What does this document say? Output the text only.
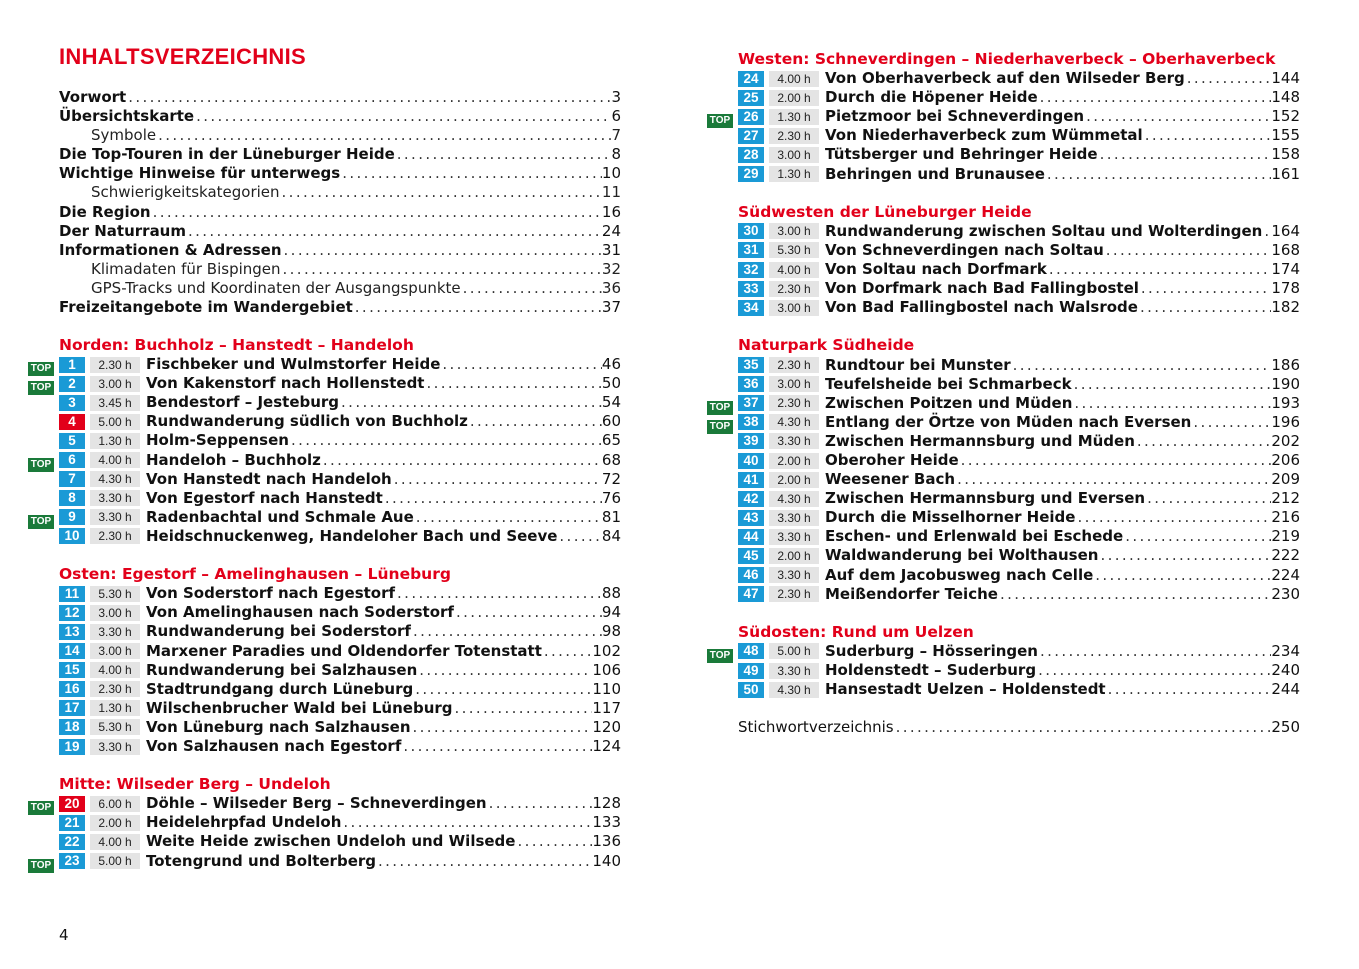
INHALTSVERZEICHNIS
Vorwort . . .	3
Übersichtskarte . . .	6
Symbole . . .	7
Die Top-Touren in der Lüneburger Heide . . .	8
Wichtige Hinweise für unterwegs . . .	10
Schwierigkeitskategorien . . .	11
Die Region . . .	16
Der Naturraum . . .	24
Informationen & Adressen . . .	31
Klimadaten für Bispingen . . .	32
GPS-Tracks und Koordinaten der Ausgangspunkte . . .	36
Freizeitangebote im Wandergebiet . . .	37
Norden: Buchholz – Hanstedt – Handeloh
TOP	1	2.30 h Fischbeker und Wulmstorfer Heide . . .	46
TOP	2	3.00 h Von Kakenstorf nach Hollenstedt . . .	50
3	3.45 h Bendestorf – Jesteburg . . .	54
4	5.00 h Rundwanderung südlich von Buchholz . . .	60
5	1.30 h Holm-Seppensen . . .	65
TOP	6	4.00 h Handeloh – Buchholz . . .	68
7	4.30 h Von Hanstedt nach Handeloh . . .	72
8	3.30 h Von Egestorf nach Hanstedt . . .	76
TOP	9	3.30 h Radenbachtal und Schmale Aue . . .	81
10	2.30 h Heidschnuckenweg, Handeloher Bach und Seeve . . .	84
Osten: Egestorf – Amelinghausen – Lüneburg
11	5.30 h Von Soderstorf nach Egestorf . . .	88
12	3.00 h Von Amelinghausen nach Soderstorf . . .	94
13	3.30 h Rundwanderung bei Soderstorf . . .	98
14	3.00 h Marxener Paradies und Oldendorfer Totenstatt . . .	102
15	4.00 h Rundwanderung bei Salzhausen . . .	106
16	2.30 h Stadtrundgang durch Lüneburg . . .	110
17	1.30 h Wilschenbrucher Wald bei Lüneburg . . .	117
18	5.30 h Von Lüneburg nach Salzhausen . . .	120
19	3.30 h Von Salzhausen nach Egestorf . . .	124
Mitte: Wilseder Berg – Undeloh
TOP 20	6.00 h Döhle – Wilseder Berg – Schneverdingen . . .	128
21	2.00 h Heidelehrpfad Undeloh . . .	133
22	4.00 h Weite Heide zwischen Undeloh und Wilsede . . .	136
TOP 23	5.00 h Totengrund und Bolterberg . . .	140
4
Westen: Schneverdingen – Niederhaverbeck – Oberhaverbeck
24	4.00 h Von Oberhaverbeck auf den Wilseder Berg . . .	144
25	2.00 h Durch die Höpener Heide . . .	148
TOP 26	1.30 h Pietzmoor bei Schneverdingen . . .	152
27	2.30 h Von Niederhaverbeck zum Wümmetal . . .	155
28	3.00 h Tütsberger und Behringer Heide . . .	158
29	1.30 h Behringen und Brunausee . . .	161
Südwesten der Lüneburger Heide
30	3.00 h Rundwanderung zwischen Soltau und Wolterdingen . . . 164
31	5.30 h Von Schneverdingen nach Soltau . . .	168
32	4.00 h Von Soltau nach Dorfmark . . .	174
33	2.30 h Von Dorfmark nach Bad Fallingbostel . . .	178
34	3.00 h Von Bad Fallingbostel nach Walsrode . . .	182
Naturpark Südheide
35	2.30 h Rundtour bei Munster . . .	186
36	3.00 h Teufelsheide bei Schmarbeck . . .	190
TOP 37	2.30 h Zwischen Poitzen und Müden . . .	193
TOP 38	4.30 h Entlang der Örtze von Müden nach Eversen . . .	196
39	3.30 h Zwischen Hermannsburg und Müden . . .	202
40	2.00 h Oberoher Heide . . .	206
41	2.00 h Weesener Bach . . .	209
42	4.30 h Zwischen Hermannsburg und Eversen . . .	212
43	3.30 h Durch die Misselhorner Heide . . .	216
44	3.30 h Eschen- und Erlenwald bei Eschede . . .	219
45	2.00 h Waldwanderung bei Wolthausen . . .	222
46	3.30 h Auf dem Jacobusweg nach Celle . . .	224
47	2.30 h Meißendorfer Teiche . . .	230
Südosten: Rund um Uelzen
TOP 48	5.00 h Suderburg – Hösseringen . . .	234
49	3.30 h Holdenstedt – Suderburg . . .	240
50	4.30 h Hansestadt Uelzen – Holdenstedt . . .	244
Stichwortverzeichnis . . .	250
